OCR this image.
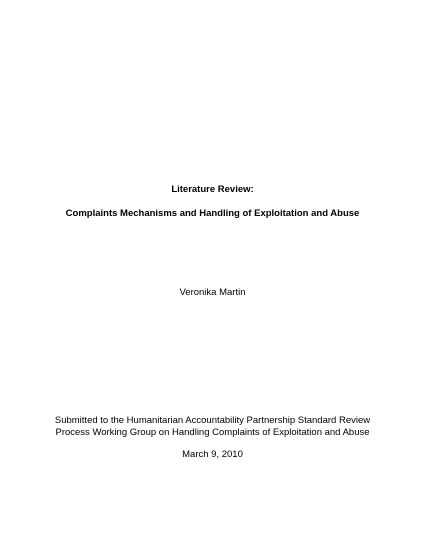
Literature Review:
Complaints Mechanisms and Handling of Exploitation and Abuse
Veronika Martin
Submitted to the Humanitarian Accountability Partnership Standard Review
Process Working Group on Handling Complaints of Exploitation and Abuse
March 9, 2010
